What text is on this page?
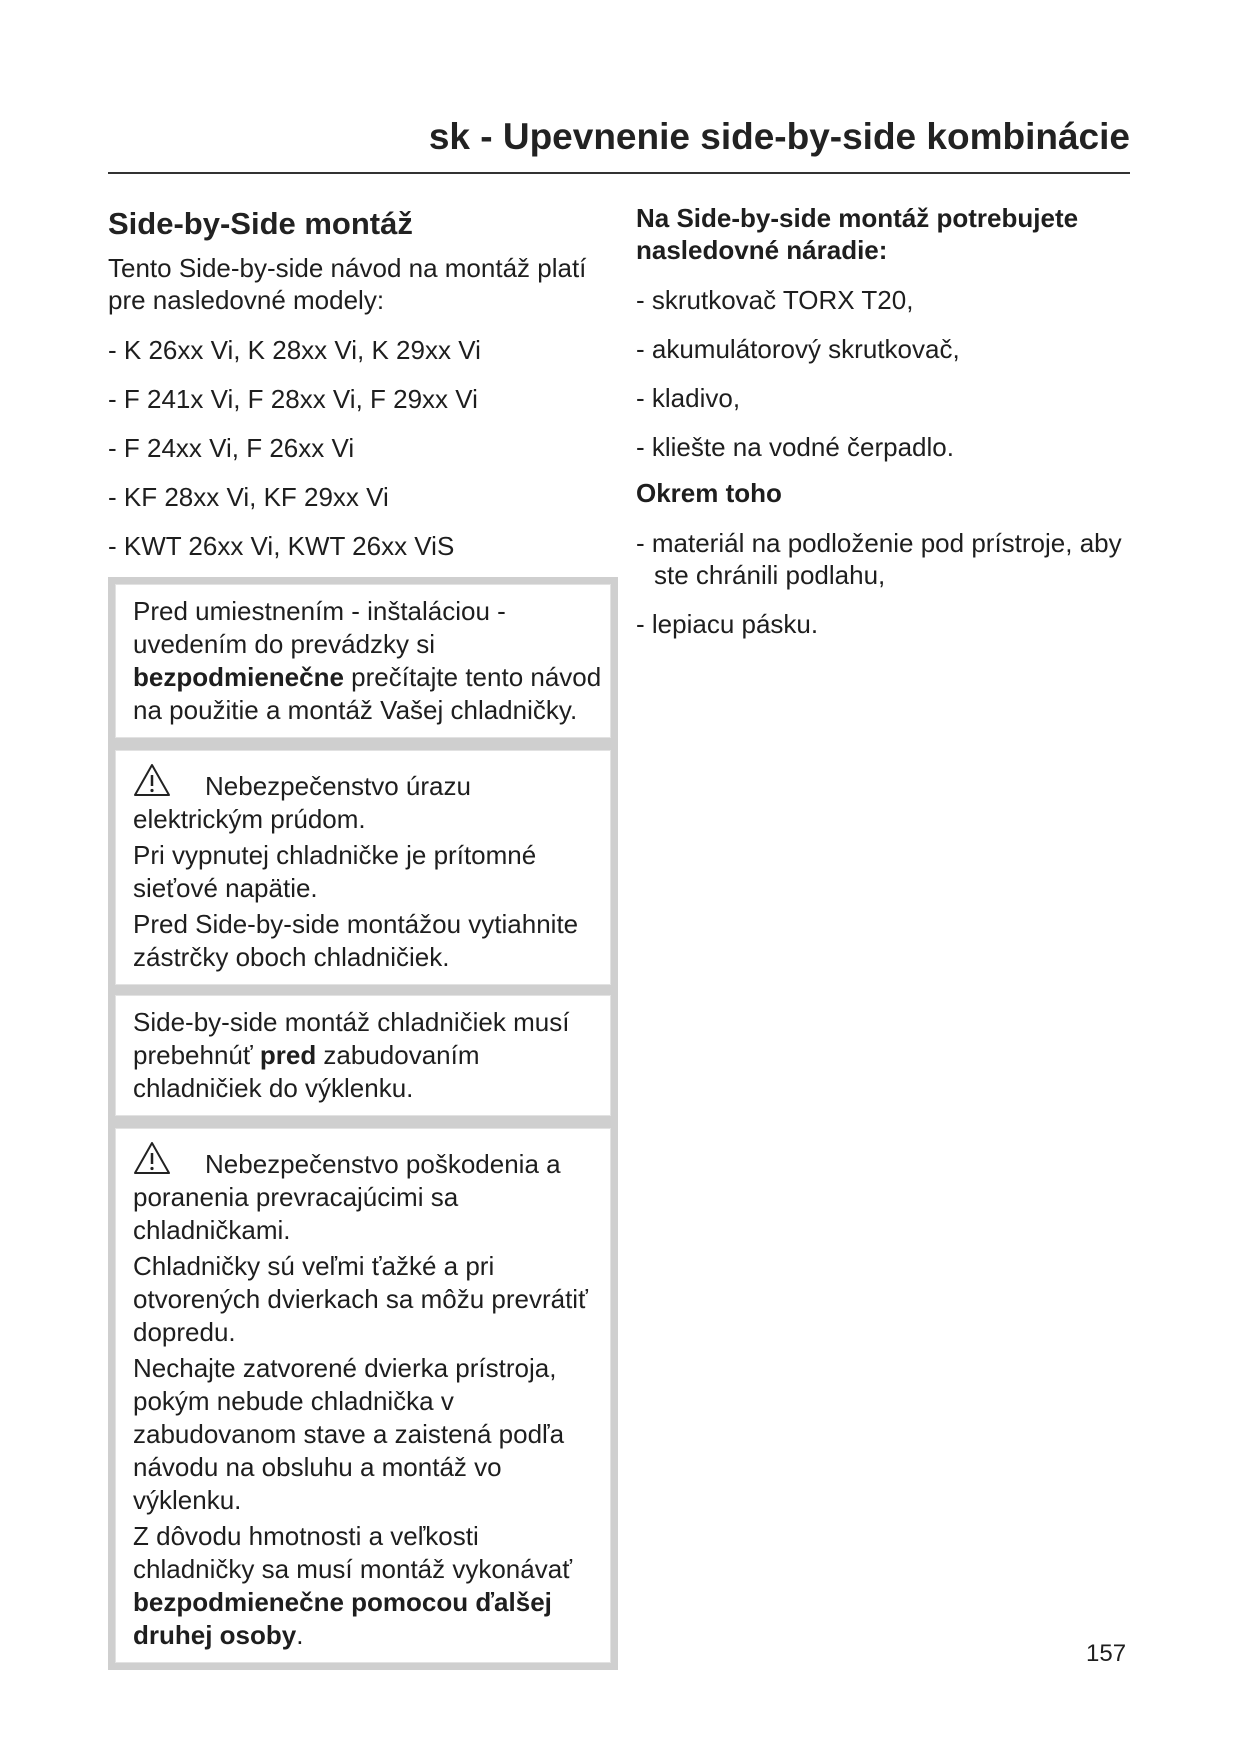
sk - Upevnenie side-by-side kombinácie
Side-by-Side montáž

Tento Side-by-side návod na montáž platí pre nasledovné modely:

- K 26xx Vi, K 28xx Vi, K 29xx Vi
- F 241x Vi, F 28xx Vi, F 29xx Vi
- F 24xx Vi, F 26xx Vi
- KF 28xx Vi, KF 29xx Vi
- KWT 26xx Vi, KWT 26xx ViS

Pred umiestnením - inštaláciou - uvedením do prevádzky si bezpodmienečne prečítajte tento návod na použitie a montáž Vašej chladničky.

Nebezpečenstvo úrazu elektrickým prúdom.

Pri vypnutej chladničke je prítomné sieťové napätie.

Pred Side-by-side montážou vytiahnite zástrčky oboch chladničiek.

Side-by-side montáž chladničiek musí prebehnúť pred zabudovaním chladničiek do výklenku.

Nebezpečenstvo poškodenia a poranenia prevracajúcimi sa chladničkami.

Chladničky sú veľmi ťažké a pri otvorených dvierkach sa môžu prevrátiť dopredu.

Nechajte zatvorené dvierka prístroja, pokým nebude chladnička v zabudovanom stave a zaistená podľa návodu na obsluhu a montáž vo výklenku.

Z dôvodu hmotnosti a veľkosti chladničky sa musí montáž vykonávať bezpodmienečne pomocou ďalšej druhej osoby.

Na Side-by-side montáž potrebujete nasledovné náradie:
- skrutkovač TORX T20,
- akumulátorový skrutkovač,
- kladivo,
- kliešte na vodné čerpadlo.
Okrem toho
- materiál na podloženie pod prístroje, aby ste chránili podlahu,
- lepiacu pásku.
157
